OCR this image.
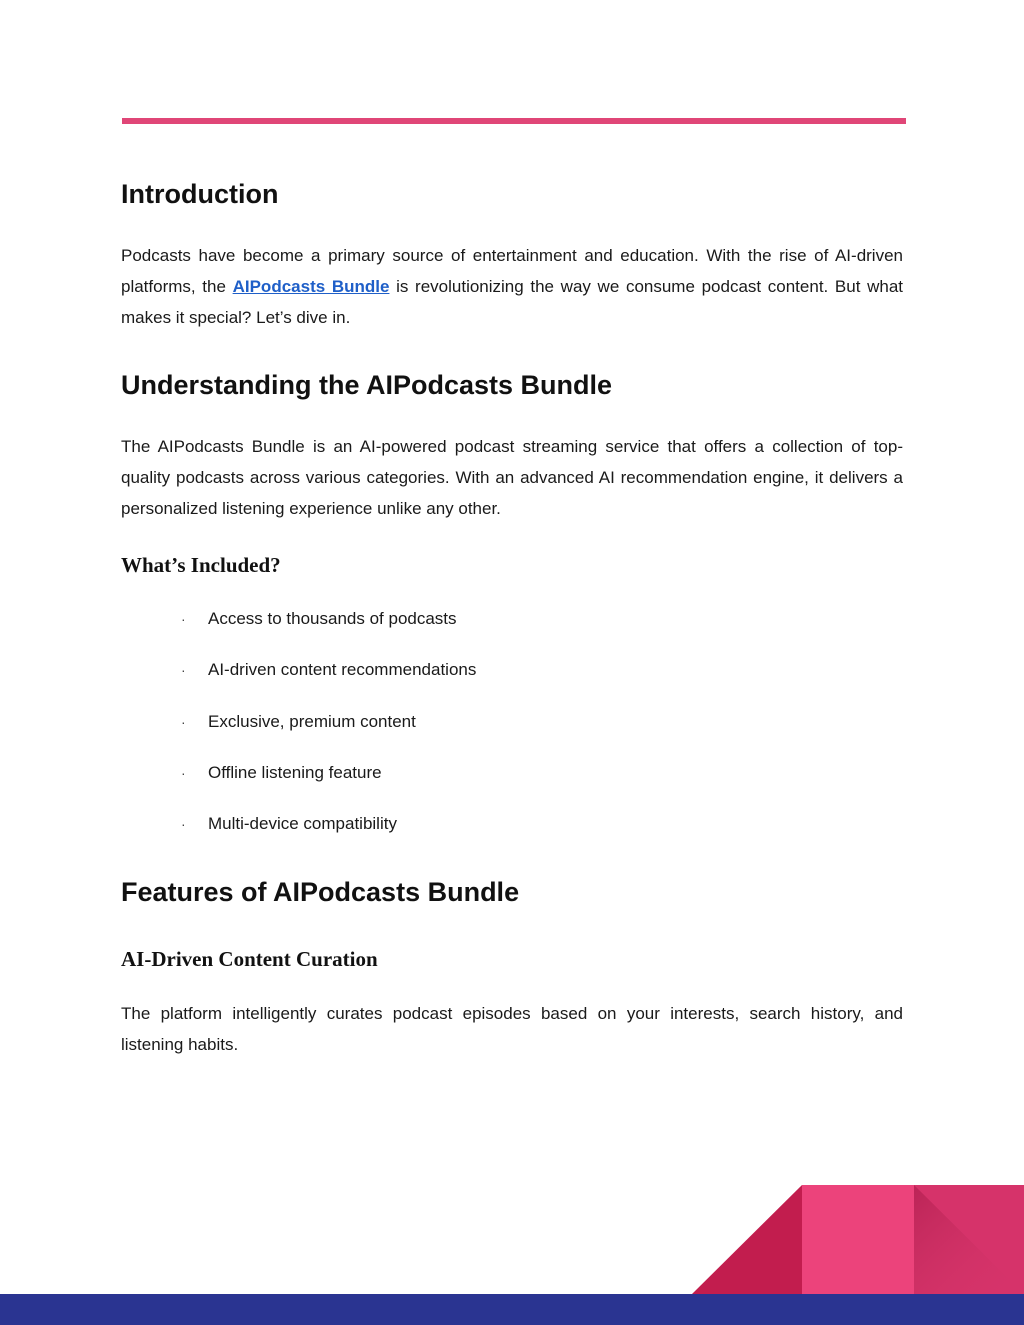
Introduction

Podcasts have become a primary source of entertainment and education. With the rise of AI-driven platforms, the AIPodcasts Bundle is revolutionizing the way we consume podcast content. But what makes it special? Let’s dive in.

Understanding the AIPodcasts Bundle

The AIPodcasts Bundle is an AI-powered podcast streaming service that offers a collection of top-quality podcasts across various categories. With an advanced AI recommendation engine, it delivers a personalized listening experience unlike any other.

What’s Included?
·	Access to thousands of podcasts
·	AI-driven content recommendations
·	Exclusive, premium content
·	Offline listening feature
·	Multi-device compatibility
Features of AIPodcasts Bundle
AI-Driven Content Curation

The platform intelligently curates podcast episodes based on your interests, search history, and listening habits.
